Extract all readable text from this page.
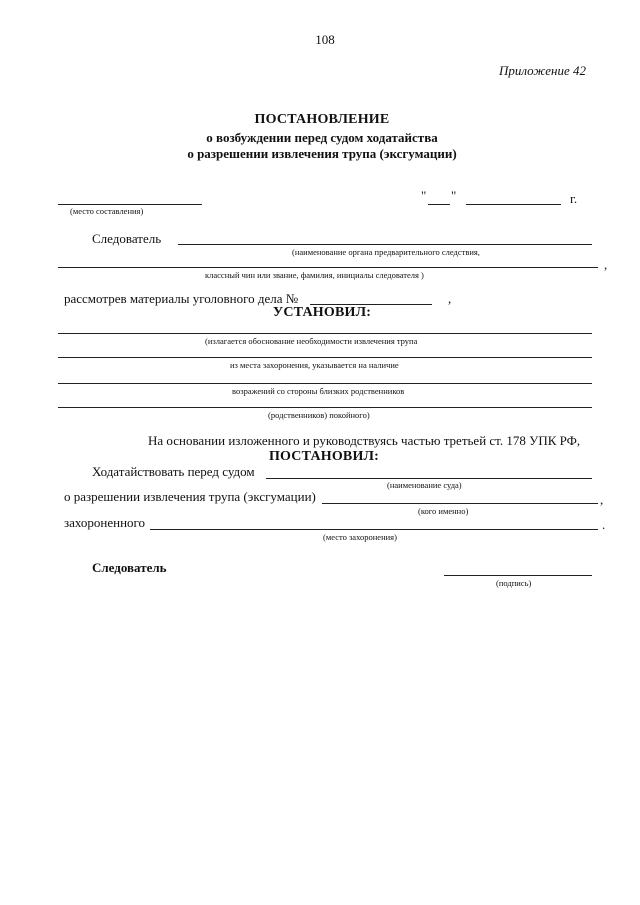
108
Приложение 42
ПОСТАНОВЛЕНИЕ
о возбуждении перед судом ходатайства
о разрешении извлечения трупа (эксгумации)
(место составления)
" "	г.
Следователь
(наименование органа предварительного следствия,
,
классный чин или звание, фамилия, инициалы следователя )
рассмотрев материалы уголовного дела №	,
УСТАНОВИЛ:
(излагается обоснование необходимости извлечения трупа
из места захоронения, указывается на наличие
возражений со стороны близких родственников
(родственников) покойного)
На основании изложенного и руководствуясь частью третьей ст. 178 УПК РФ,
ПОСТАНОВИЛ:
Ходатайствовать перед судом
(наименование суда)
о разрешении извлечения трупа (эксгумации)	,
(кого именно)
захороненного	.
(место захоронения)
Следователь
(подпись)
